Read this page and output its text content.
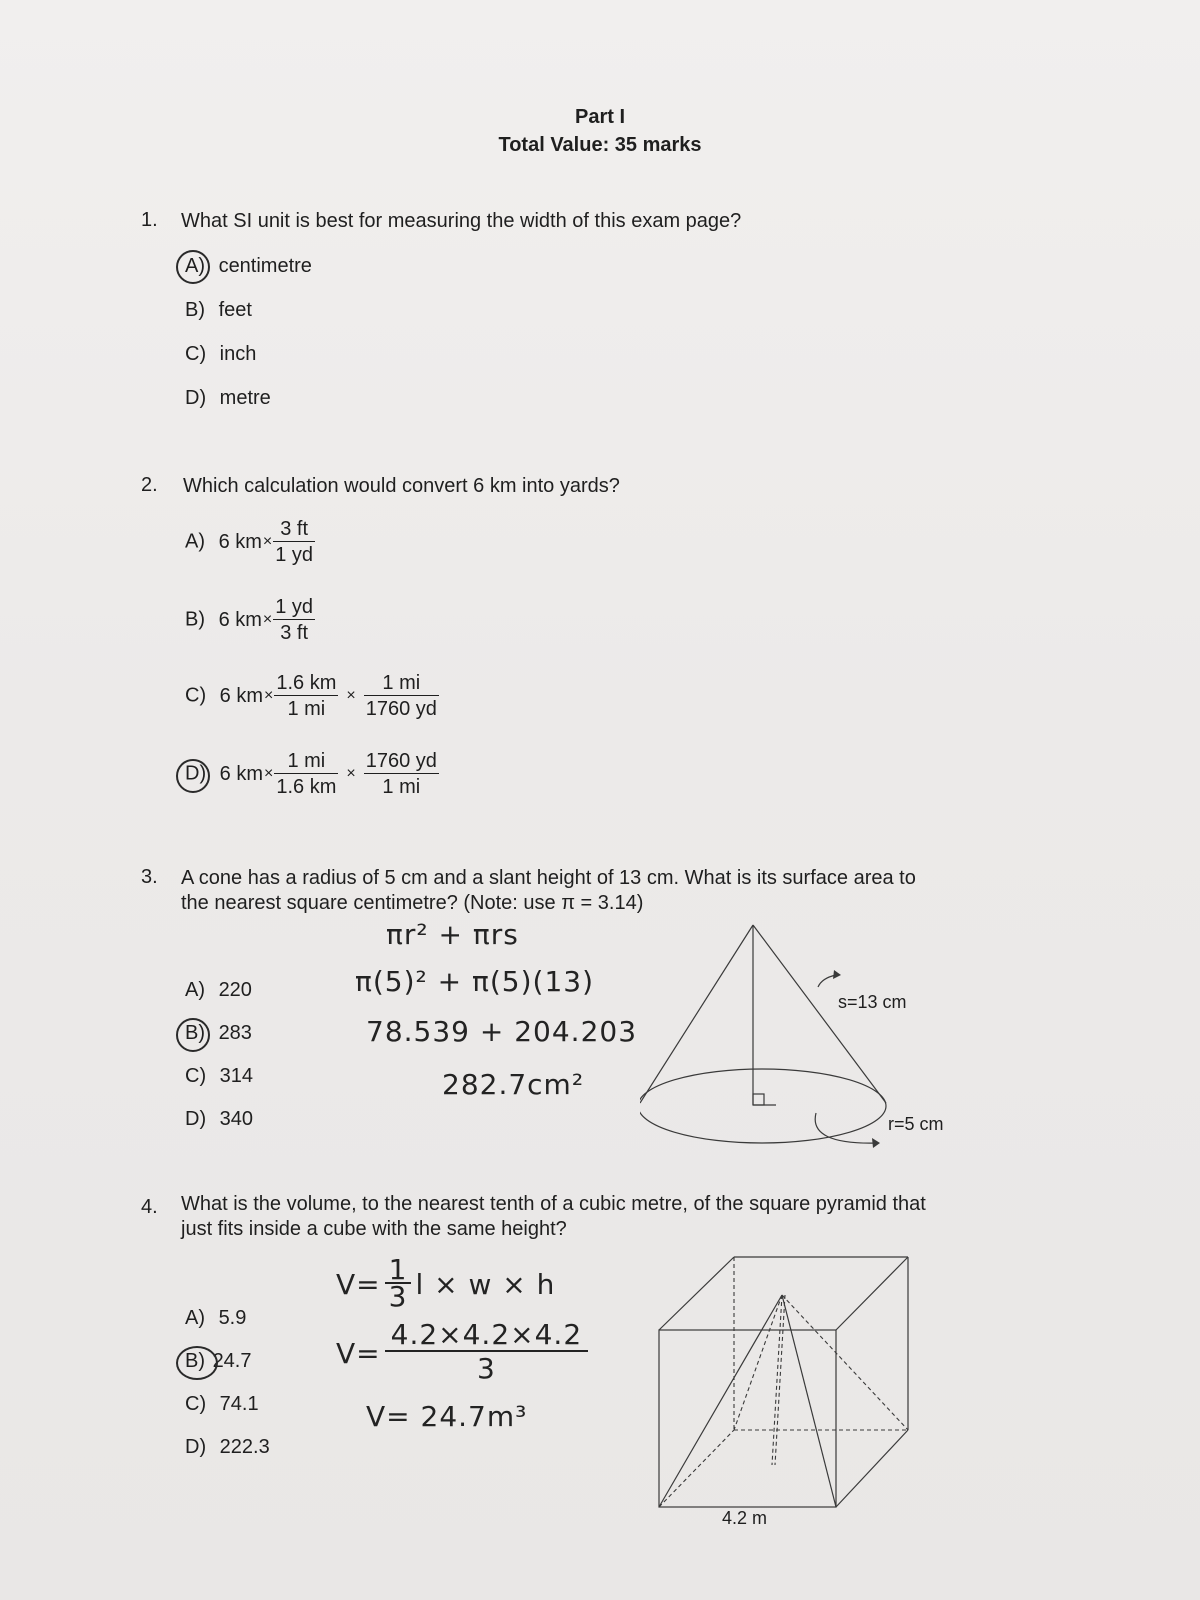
Part I
Total Value: 35 marks
1. What SI unit is best for measuring the width of this exam page?
A) centimetre
B) feet
C) inch
D) metre
2. Which calculation would convert 6 km into yards?
A) 6 $km\times \frac{3 ft}{1 yd}$
B) 6 $km\times \frac{1 yd}{3 ft}$
C) 6 $km\times \frac{1.6 km}{1 mi} \times \frac{1 mi}{1760 yd}$
D) 6 $km\times \frac{1 mi}{1.6 km} \times \frac{1760 yd}{1 mi}$
3. A cone has a radius of 5 cm and a slant height of 13 cm. What is its surface area to
the nearest square centimetre? (Note: use π = 3.14)
A) 220
B) 283
C) 314
D) 340
πr² + πrs
π(5)² + π(5)(13)
78.539 + 204.203
282.7cm²
s=13 cm
r=5 cm
4. What is the volume, to the nearest tenth of a cubic metre, of the square pyramid that
just fits inside a cube with the same height?
A) 5.9
B) 24.7
C) 74.1
D) 222.3
$V= \frac{1}{3}$ l × w × h
$V= \frac{4.2\times 4.2\times 4.2}{3}$
V= 24.7m³
4.2 m
